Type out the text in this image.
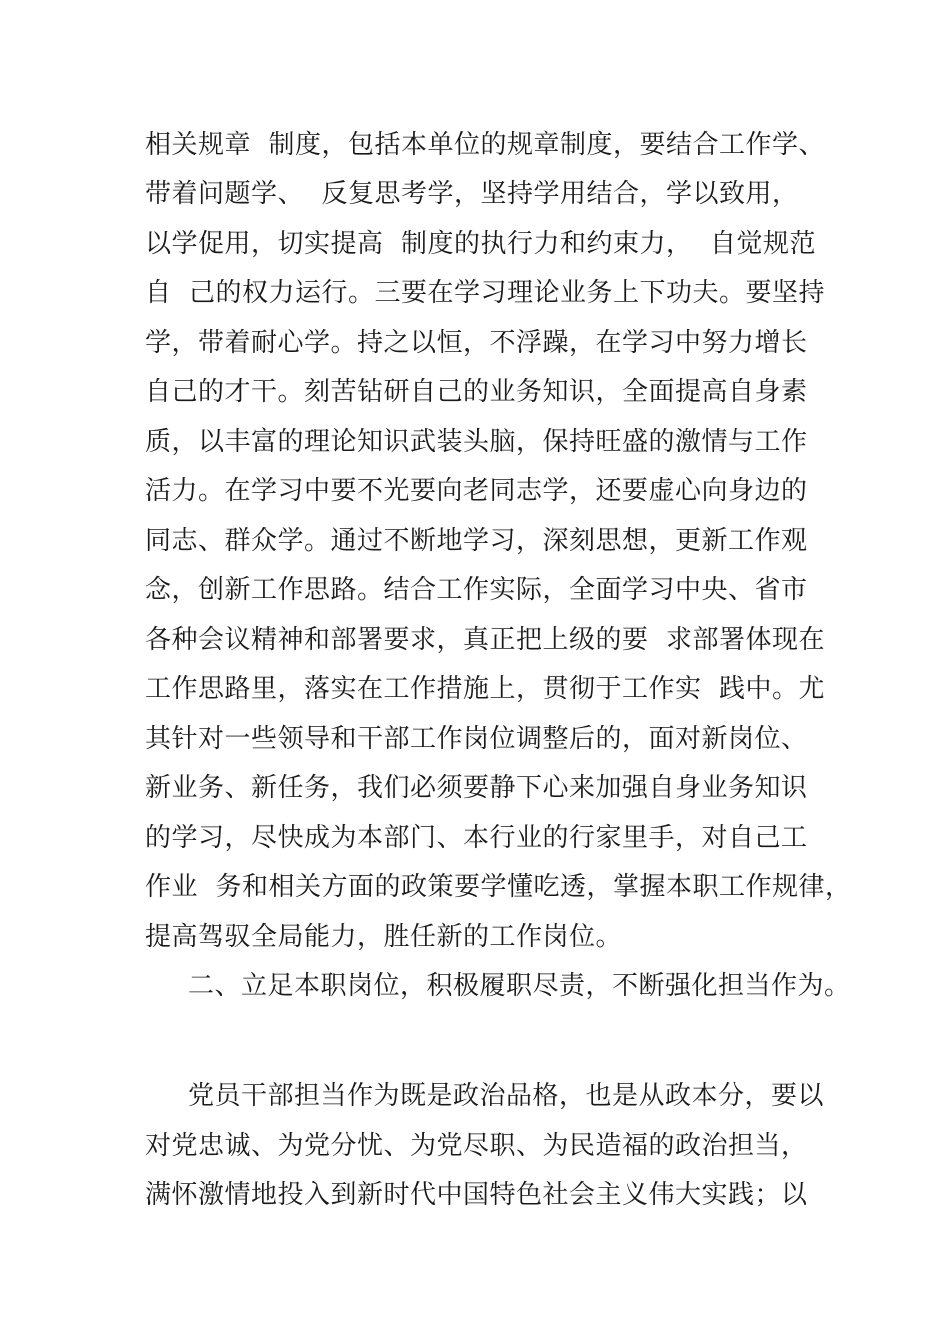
相关规章  制度，包括本单位的规章制度，要结合工作学、
带着问题学、  反复思考学，坚持学用结合，学以致用，
以学促用，切实提高  制度的执行力和约束力，  自觉规范
自  己的权力运行。三要在学习理论业务上下功夫。要坚持
学，带着耐心学。持之以恒，不浮躁，在学习中努力增长
自己的才干。刻苦钻研自己的业务知识，全面提高自身素
质，以丰富的理论知识武装头脑，保持旺盛的激情与工作
活力。在学习中要不光要向老同志学，还要虚心向身边的
同志、群众学。通过不断地学习，深刻思想，更新工作观
念，创新工作思路。结合工作实际，全面学习中央、省市
各种会议精神和部署要求，真正把上级的要  求部署体现在
工作思路里，落实在工作措施上，贯彻于工作实  践中。尤
其针对一些领导和干部工作岗位调整后的，面对新岗位、
新业务、新任务，我们必须要静下心来加强自身业务知识
的学习，尽快成为本部门、本行业的行家里手，对自己工
作业  务和相关方面的政策要学懂吃透，掌握本职工作规律，
提高驾驭全局能力，胜任新的工作岗位。
二、立足本职岗位，积极履职尽责，不断强化担当作为。
党员干部担当作为既是政治品格，也是从政本分，要以
对党忠诚、为党分忧、为党尽职、为民造福的政治担当，
满怀激情地投入到新时代中国特色社会主义伟大实践；以
